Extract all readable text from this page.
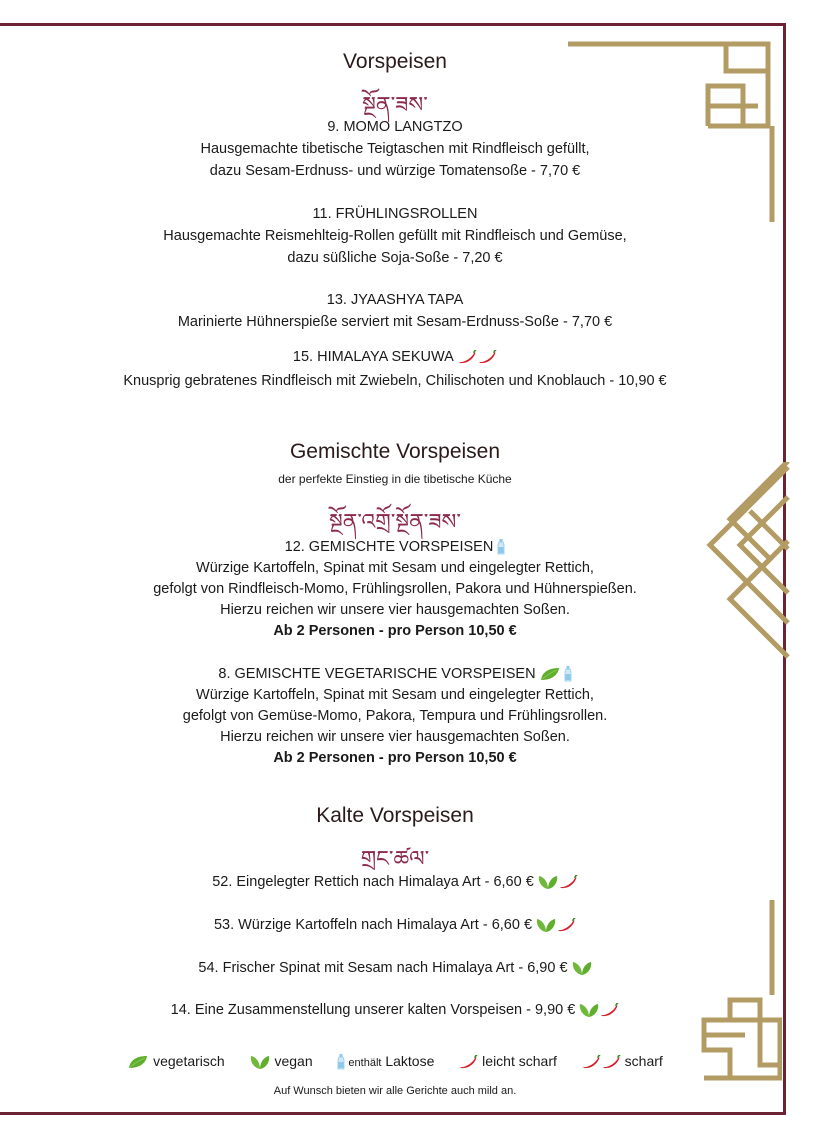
Vorspeisen
སྔོན་ཟས་
9. MOMO LANGTZO
Hausgemachte tibetische Teigtaschen mit Rindfleisch gefüllt,
dazu Sesam-Erdnuss- und würzige Tomatensoße - 7,70 €
11. FRÜHLINGSROLLEN
Hausgemachte Reismehlteig-Rollen gefüllt mit Rindfleisch und Gemüse,
dazu süßliche Soja-Soße - 7,20 €
13. JYAASHYA TAPA
Marinierte Hühnerspieße serviert mit Sesam-Erdnuss-Soße - 7,70 €
15. HIMALAYA SEKUWA
Knusprig gebratenes Rindfleisch mit Zwiebeln, Chilischoten und Knoblauch - 10,90 €
Gemischte Vorspeisen
der perfekte Einstieg in die tibetische Küche
སྔོན་འགྲོ་སྔོན་ཟས་
12. GEMISCHTE VORSPEISEN
Würzige Kartoffeln, Spinat mit Sesam und eingelegter Rettich,
gefolgt von Rindfleisch-Momo, Frühlingsrollen, Pakora und Hühnerspießen.
Hierzu reichen wir unsere vier hausgemachten Soßen.
Ab 2 Personen - pro Person 10,50 €
8. GEMISCHTE VEGETARISCHE VORSPEISEN
Würzige Kartoffeln, Spinat mit Sesam und eingelegter Rettich,
gefolgt von Gemüse-Momo, Pakora, Tempura und Frühlingsrollen.
Hierzu reichen wir unsere vier hausgemachten Soßen.
Ab 2 Personen - pro Person 10,50 €
Kalte Vorspeisen
གྲང་ཚལ་
52. Eingelegter Rettich nach Himalaya Art - 6,60 €
53. Würzige Kartoffeln nach Himalaya Art - 6,60 €
54. Frischer Spinat mit Sesam nach Himalaya Art - 6,90 €
14. Eine Zusammenstellung unserer kalten Vorspeisen - 9,90 €
vegetarisch	vegan	enthält Laktose	leicht scharf	scharf
Auf Wunsch bieten wir alle Gerichte auch mild an.
